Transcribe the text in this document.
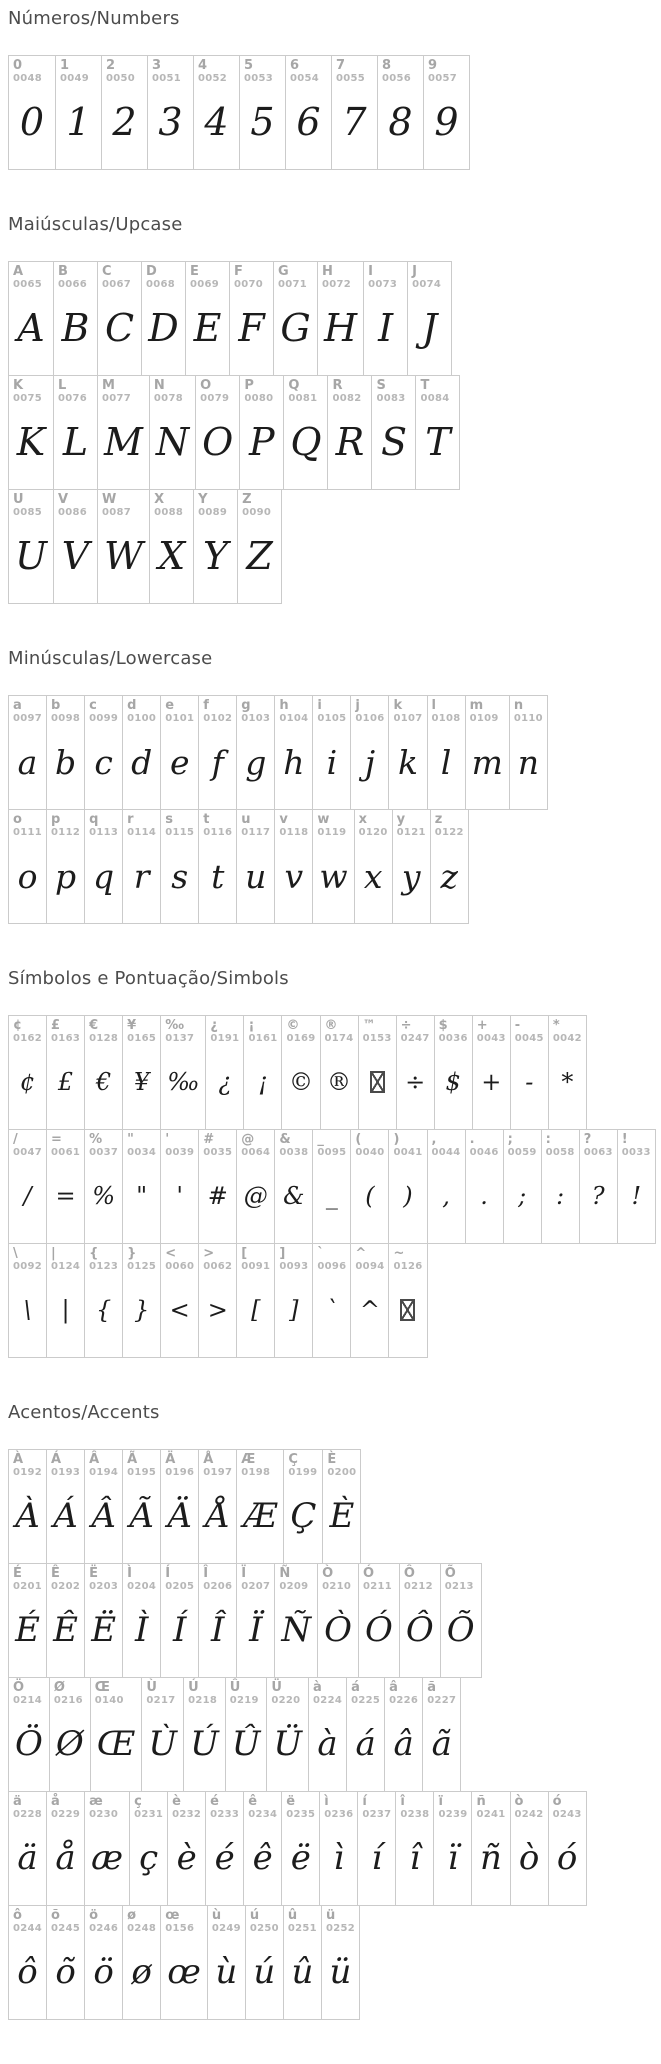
Números/Numbers
0
0048
0
1
0049
1
2
0050
2
3
0051
3
4
0052
4
5
0053
5
6
0054
6
7
0055
7
8
0056
8
9
0057
9
Maiúsculas/Upcase
A
0065
A
B
0066
B
C
0067
C
D
0068
D
E
0069
E
F
0070
F
G
0071
G
H
0072
H
I
0073
I
J
0074
J
K
0075
K
L
0076
L
M
0077
M
N
0078
N
O
0079
O
P
0080
P
Q
0081
Q
R
0082
R
S
0083
S
T
0084
T
U
0085
U
V
0086
V
W
0087
W
X
0088
X
Y
0089
Y
Z
0090
Z
Minúsculas/Lowercase
a
0097
a
b
0098
b
c
0099
c
d
0100
d
e
0101
e
f
0102
f
g
0103
g
h
0104
h
i
0105
i
j
0106
j
k
0107
k
l
0108
l
m
0109
m
n
0110
n
o
0111
o
p
0112
p
q
0113
q
r
0114
r
s
0115
s
t
0116
t
u
0117
u
v
0118
v
w
0119
w
x
0120
x
y
0121
y
z
0122
z
Símbolos e Pontuação/Simbols
¢
0162
¢
£
0163
£
€
0128
€
¥
0165
¥
‰
0137
‰
¿
0191
¿
¡
0161
¡
©
0169
©
®
0174
®
™
0153
÷
0247
÷
$
0036
$
+
0043
+
-
0045
-
*
0042
*
/
0047
/
=
0061
=
%
0037
%
"
0034
"
'
0039
'
#
0035
#
@
0064
@
&
0038
&
_
0095
_
(
0040
(
)
0041
)
,
0044
,
.
0046
.
;
0059
;
:
0058
:
?
0063
?
!
0033
!
\
0092
\
|
0124
|
{
0123
{
}
0125
}
<
0060
<
>
0062
>
[
0091
[
]
0093
]
`
0096
`
^
0094
^
~
0126
Acentos/Accents
À
0192
À
Á
0193
Á
Â
0194
Â
Ã
0195
Ã
Ä
0196
Ä
Å
0197
Å
Æ
0198
Æ
Ç
0199
Ç
È
0200
È
É
0201
É
Ê
0202
Ê
Ë
0203
Ë
Ì
0204
Ì
Í
0205
Í
Î
0206
Î
Ï
0207
Ï
Ñ
0209
Ñ
Ò
0210
Ò
Ó
0211
Ó
Ô
0212
Ô
Õ
0213
Õ
Ö
0214
Ö
Ø
0216
Ø
Œ
0140
Œ
Ù
0217
Ù
Ú
0218
Ú
Û
0219
Û
Ü
0220
Ü
à
0224
à
á
0225
á
â
0226
â
ã
0227
ã
ä
0228
ä
å
0229
å
æ
0230
æ
ç
0231
ç
è
0232
è
é
0233
é
ê
0234
ê
ë
0235
ë
ì
0236
ì
í
0237
í
î
0238
î
ï
0239
ï
ñ
0241
ñ
ò
0242
ò
ó
0243
ó
ô
0244
ô
õ
0245
õ
ö
0246
ö
ø
0248
ø
œ
0156
œ
ù
0249
ù
ú
0250
ú
û
0251
û
ü
0252
ü
